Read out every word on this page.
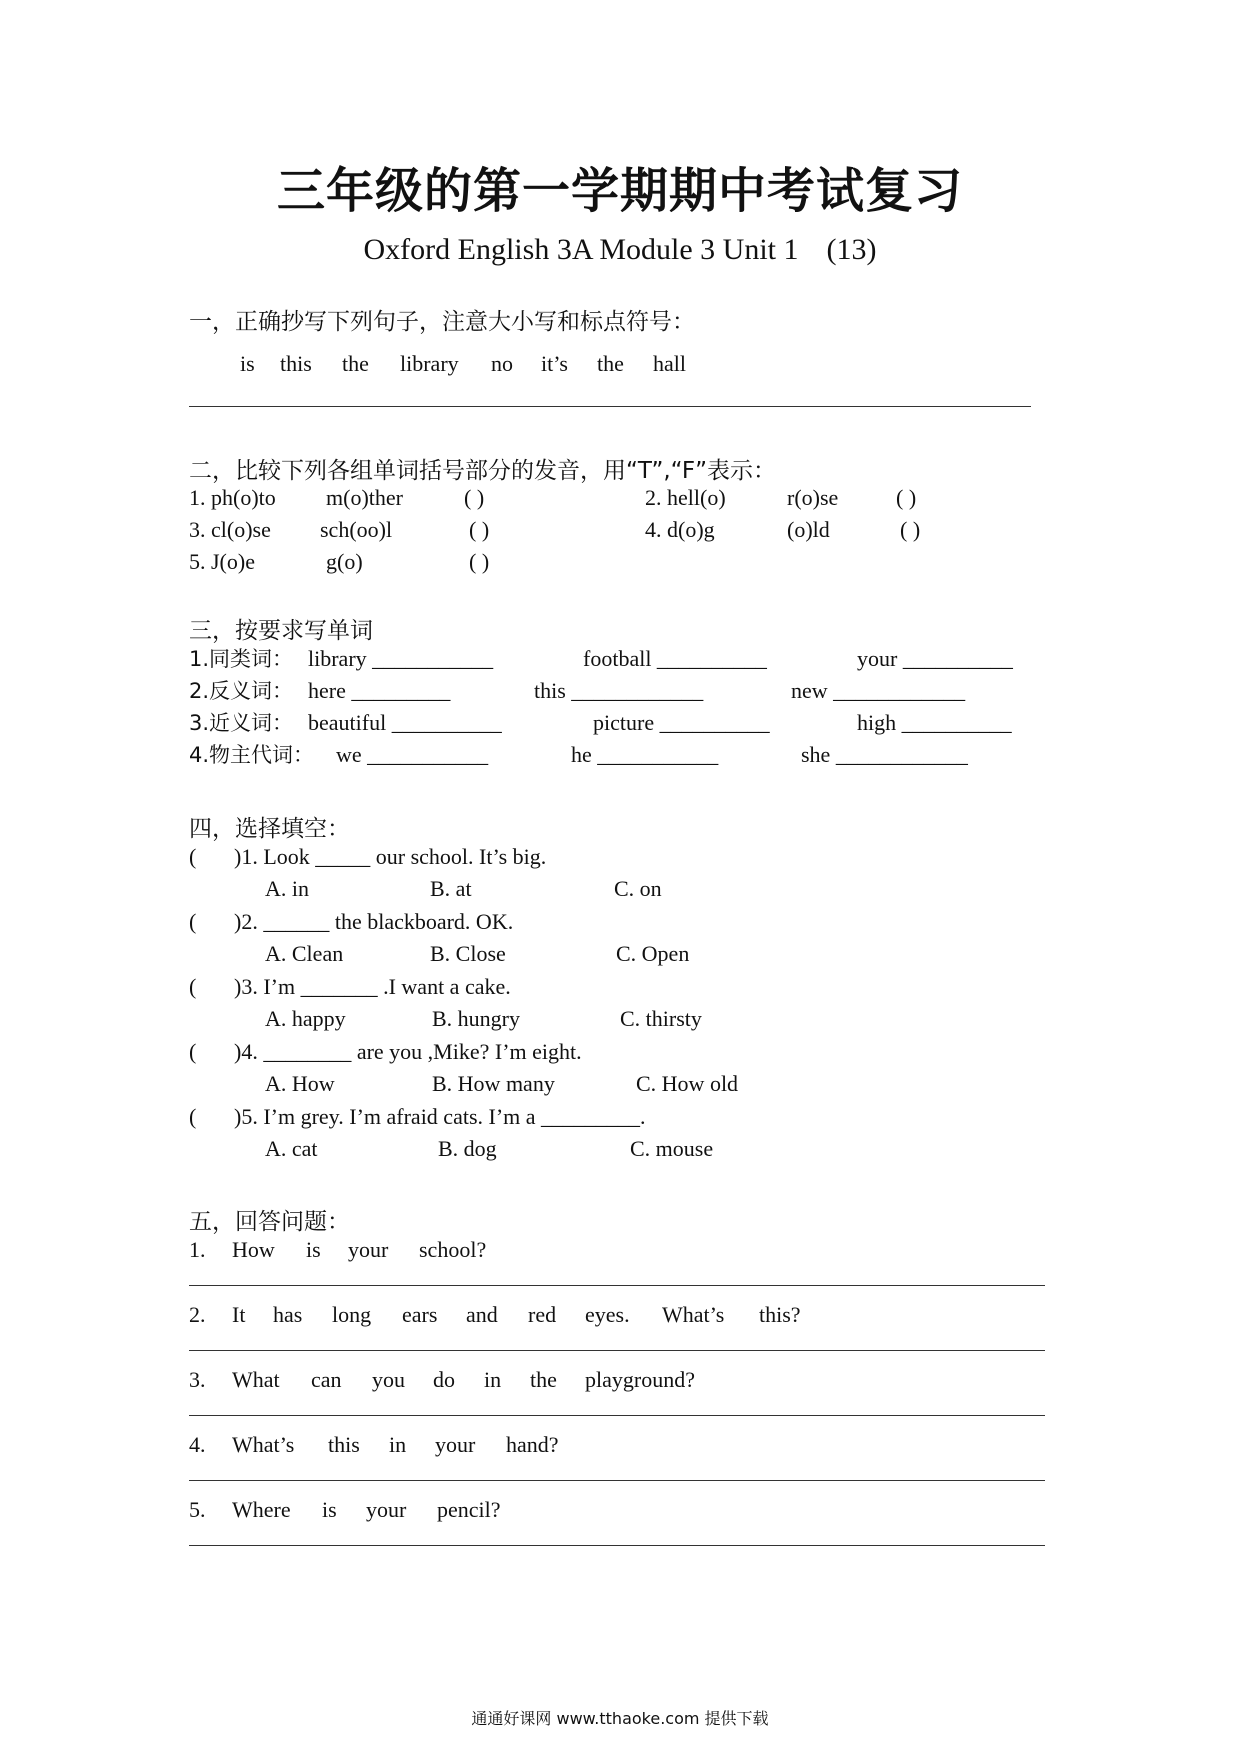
三年级的第一学期期中考试复习
Oxford English 3A Module 3 Unit 1 (13)
一，正确抄写下列句子，注意大小写和标点符号：
is this the library no it’s the hall
二，比较下列各组单词括号部分的发音，用“T”,“F”表示：
1. ph(o)to m(o)ther	( )	2. hell(o)	r(o)se	( )
3. cl(o)se sch(oo)l	( )	4. d(o)g	(o)ld	( )
5. J(o)e	g(o)	( )
三，按要求写单词
1.同类词： library ___________	football __________	your __________
2.反义词： here _________	this ____________	new ____________
3.近义词： beautiful __________	picture __________	high __________
4.物主代词： we ___________	he ___________	she ____________
四，选择填空：
( )1. Look _____ our school. It’s big.
A. in	B. at	C. on
( )2. ______ the blackboard. OK.
A. Clean	B. Close	C. Open
( )3. I’m _______ .I want a cake.
A. happy	B. hungry	C. thirsty
( )4. ________ are you ,Mike? I’m eight.
A. How	B. How many	C. How old
( )5. I’m grey. I’m afraid cats. I’m a _________.
A. cat	B. dog	C. mouse
五，回答问题：
1. How is your school?
2. It has long ears and red eyes. What’s this?
3. What can you do in the playground?
4. What’s this in your hand?
5. Where is your pencil?
通通好课网 www.tthaoke.com 提供下载
